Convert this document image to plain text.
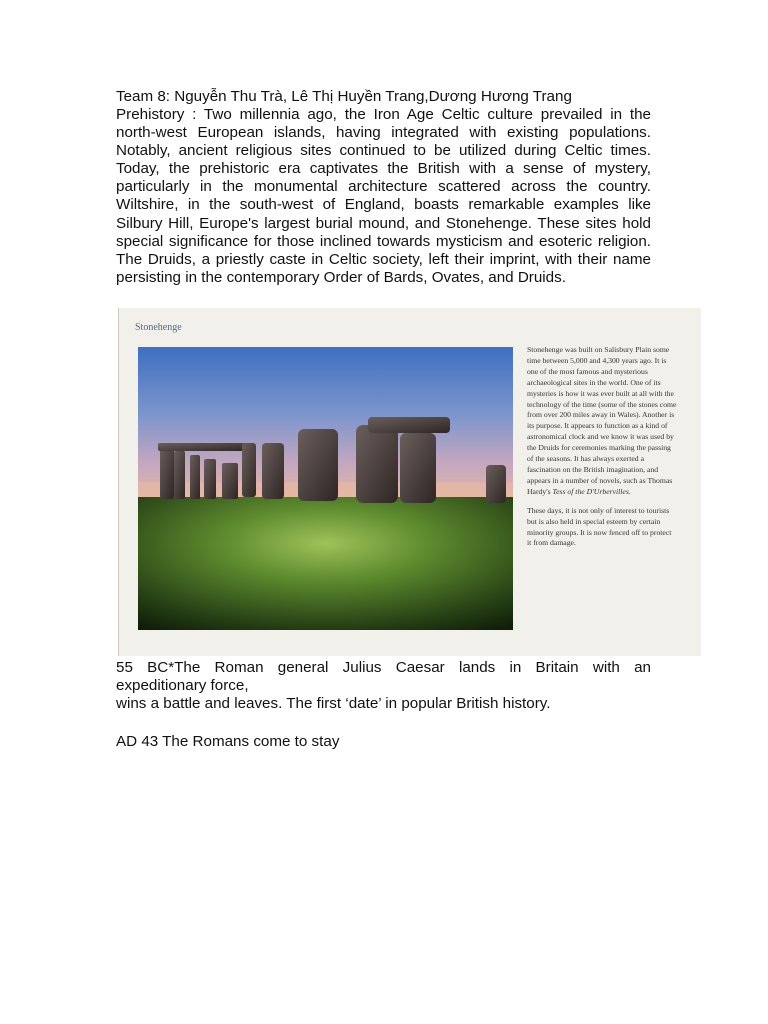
Team 8: Nguyễn Thu Trà, Lê Thị Huyền Trang,Dương Hương Trang
Prehistory : Two millennia ago, the Iron Age Celtic culture prevailed in the north-west European islands, having integrated with existing populations. Notably, ancient religious sites continued to be utilized during Celtic times. Today, the prehistoric era captivates the British with a sense of mystery, particularly in the monumental architecture scattered across the country. Wiltshire, in the south-west of England, boasts remarkable examples like Silbury Hill, Europe's largest burial mound, and Stonehenge. These sites hold special significance for those inclined towards mysticism and esoteric religion. The Druids, a priestly caste in Celtic society, left their imprint, with their name persisting in the contemporary Order of Bards, Ovates, and Druids.
Stonehenge
Stonehenge was built on Salisbury Plain some time between 5,000 and 4,300 years ago. It is one of the most famous and mysterious archaeological sites in the world. One of its mysteries is how it was ever built at all with the technology of the time (some of the stones come from over 200 miles away in Wales). Another is its purpose. It appears to function as a kind of astronomical clock and we know it was used by the Druids for ceremonies marking the passing of the seasons. It has always exerted a fascination on the British imagination, and appears in a number of novels, such as Thomas Hardy's Tess of the D'Urbervilles.
These days, it is not only of interest to tourists but is also held in special esteem by certain minority groups. It is now fenced off to protect it from damage.
55 BC*The Roman general Julius Caesar lands in Britain with an
expeditionary force,
wins a battle and leaves. The first ‘date’ in popular British history.
AD 43 The Romans come to stay
